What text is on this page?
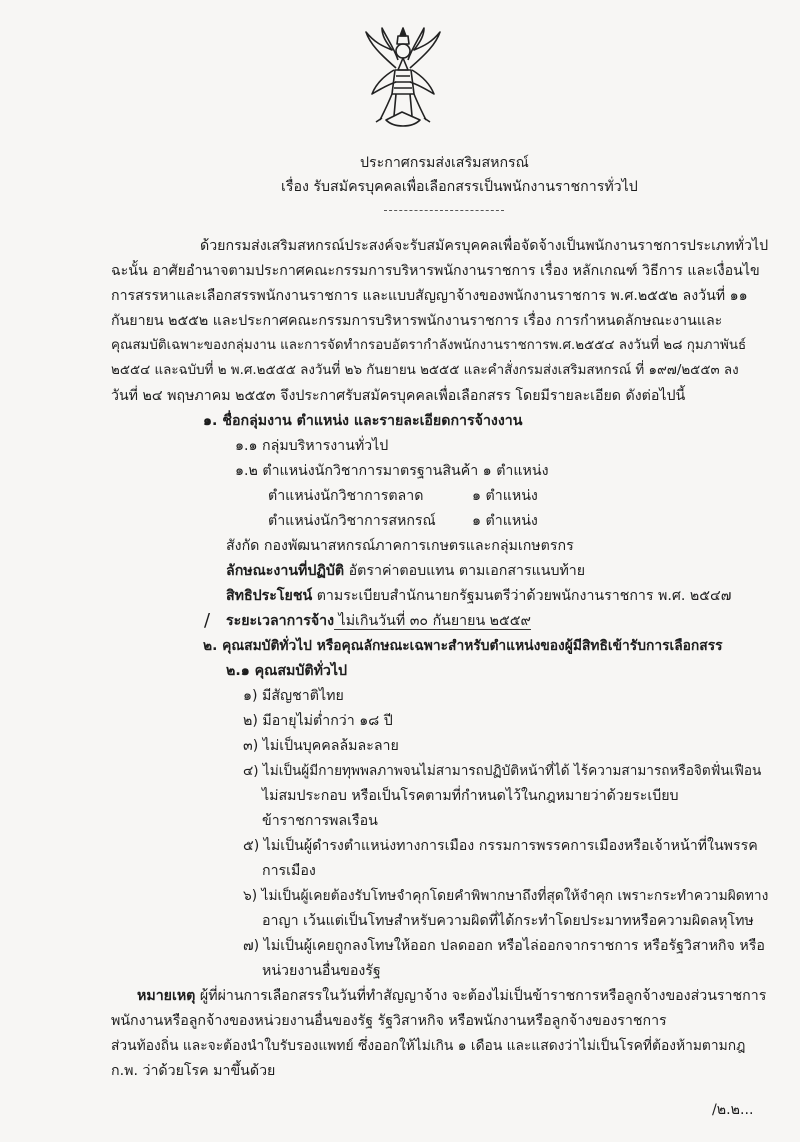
ประกาศกรมส่งเสริมสหกรณ์
เรื่อง รับสมัครบุคคลเพื่อเลือกสรรเป็นพนักงานราชการทั่วไป
ด้วยกรมส่งเสริมสหกรณ์ประสงค์จะรับสมัครบุคคลเพื่อจัดจ้างเป็นพนักงานราชการประเภททั่วไป
ฉะนั้น อาศัยอำนาจตามประกาศคณะกรรมการบริหารพนักงานราชการ เรื่อง หลักเกณฑ์ วิธีการ และเงื่อนไข
การสรรหาและเลือกสรรพนักงานราชการ และแบบสัญญาจ้างของพนักงานราชการ พ.ศ.๒๕๕๒ ลงวันที่ ๑๑
กันยายน ๒๕๕๒ และประกาศคณะกรรมการบริหารพนักงานราชการ เรื่อง การกำหนดลักษณะงานและ
คุณสมบัติเฉพาะของกลุ่มงาน และการจัดทำกรอบอัตรากำลังพนักงานราชการพ.ศ.๒๕๕๔ ลงวันที่ ๒๘ กุมภาพันธ์
๒๕๕๔ และฉบับที่ ๒ พ.ศ.๒๕๕๕ ลงวันที่ ๒๖ กันยายน ๒๕๕๕ และคำสั่งกรมส่งเสริมสหกรณ์ ที่ ๑๙๗/๒๕๕๓ ลง
วันที่ ๒๔ พฤษภาคม ๒๕๕๓ จึงประกาศรับสมัครบุคคลเพื่อเลือกสรร โดยมีรายละเอียด ดังต่อไปนี้
๑. ชื่อกลุ่มงาน ตำแหน่ง และรายละเอียดการจ้างงาน
๑.๑ กลุ่มบริหารงานทั่วไป
๑.๒ ตำแหน่งนักวิชาการมาตรฐานสินค้า ๑ ตำแหน่ง
ตำแหน่งนักวิชาการตลาด	๑ ตำแหน่ง
ตำแหน่งนักวิชาการสหกรณ์	๑ ตำแหน่ง
สังกัด กองพัฒนาสหกรณ์ภาคการเกษตรและกลุ่มเกษตรกร
ลักษณะงานที่ปฏิบัติ อัตราค่าตอบแทน ตามเอกสารแนบท้าย
สิทธิประโยชน์ ตามระเบียบสำนักนายกรัฐมนตรีว่าด้วยพนักงานราชการ พ.ศ. ๒๕๔๗
/ ระยะเวลาการจ้าง ไม่เกินวันที่ ๓๐ กันยายน ๒๕๕๙
๒. คุณสมบัติทั่วไป หรือคุณลักษณะเฉพาะสำหรับตำแหน่งของผู้มีสิทธิเข้ารับการเลือกสรร
๒.๑ คุณสมบัติทั่วไป
๑) มีสัญชาติไทย
๒) มีอายุไม่ต่ำกว่า ๑๘ ปี
๓) ไม่เป็นบุคคลล้มละลาย
๔) ไม่เป็นผู้มีกายทุพพลภาพจนไม่สามารถปฏิบัติหน้าที่ได้ ไร้ความสามารถหรือจิตฟั่นเฟือน
ไม่สมประกอบ หรือเป็นโรคตามที่กำหนดไว้ในกฎหมายว่าด้วยระเบียบ
ข้าราชการพลเรือน
๕) ไม่เป็นผู้ดำรงตำแหน่งทางการเมือง กรรมการพรรคการเมืองหรือเจ้าหน้าที่ในพรรค
การเมือง
๖) ไม่เป็นผู้เคยต้องรับโทษจำคุกโดยคำพิพากษาถึงที่สุดให้จำคุก เพราะกระทำความผิดทาง
อาญา เว้นแต่เป็นโทษสำหรับความผิดที่ได้กระทำโดยประมาทหรือความผิดลหุโทษ
๗) ไม่เป็นผู้เคยถูกลงโทษให้ออก ปลดออก หรือไล่ออกจากราชการ หรือรัฐวิสาหกิจ หรือ
หน่วยงานอื่นของรัฐ
หมายเหตุ ผู้ที่ผ่านการเลือกสรรในวันที่ทำสัญญาจ้าง จะต้องไม่เป็นข้าราชการหรือลูกจ้างของส่วนราชการ
พนักงานหรือลูกจ้างของหน่วยงานอื่นของรัฐ รัฐวิสาหกิจ หรือพนักงานหรือลูกจ้างของราชการ
ส่วนท้องถิ่น และจะต้องนำใบรับรองแพทย์ ซึ่งออกให้ไม่เกิน ๑ เดือน และแสดงว่าไม่เป็นโรคที่ต้องห้ามตามกฎ
ก.พ. ว่าด้วยโรค มาขึ้นด้วย
/๒.๒...
